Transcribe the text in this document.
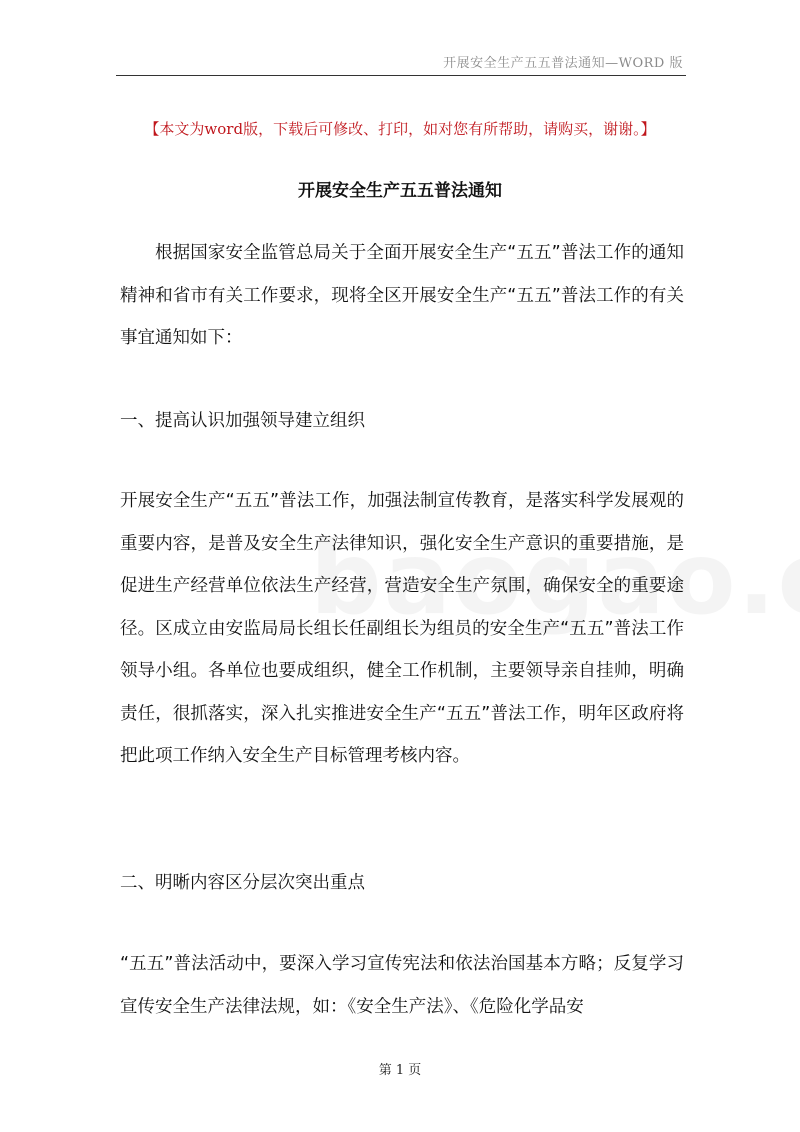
开展安全生产五五普法通知—WORD 版
【本文为word版，下载后可修改、打印，如对您有所帮助，请购买，谢谢。】
开展安全生产五五普法通知

根据国家安全监管总局关于全面开展安全生产“五五”普法工作的通知精神和省市有关工作要求，现将全区开展安全生产“五五”普法工作的有关事宜通知如下：

一、提高认识加强领导建立组织

开展安全生产“五五”普法工作，加强法制宣传教育，是落实科学发展观的重要内容，是普及安全生产法律知识，强化安全生产意识的重要措施，是促进生产经营单位依法生产经营，营造安全生产氛围，确保安全的重要途径。区成立由安监局局长组长任副组长为组员的安全生产“五五”普法工作领导小组。各单位也要成组织，健全工作机制，主要领导亲自挂帅，明确责任，很抓落实，深入扎实推进安全生产“五五”普法工作，明年区政府将把此项工作纳入安全生产目标管理考核内容。

二、明晰内容区分层次突出重点

“五五”普法活动中，要深入学习宣传宪法和依法治国基本方略；反复学习宣传安全生产法律法规，如：《安全生产法》、《危险化学品安

第 1 页
